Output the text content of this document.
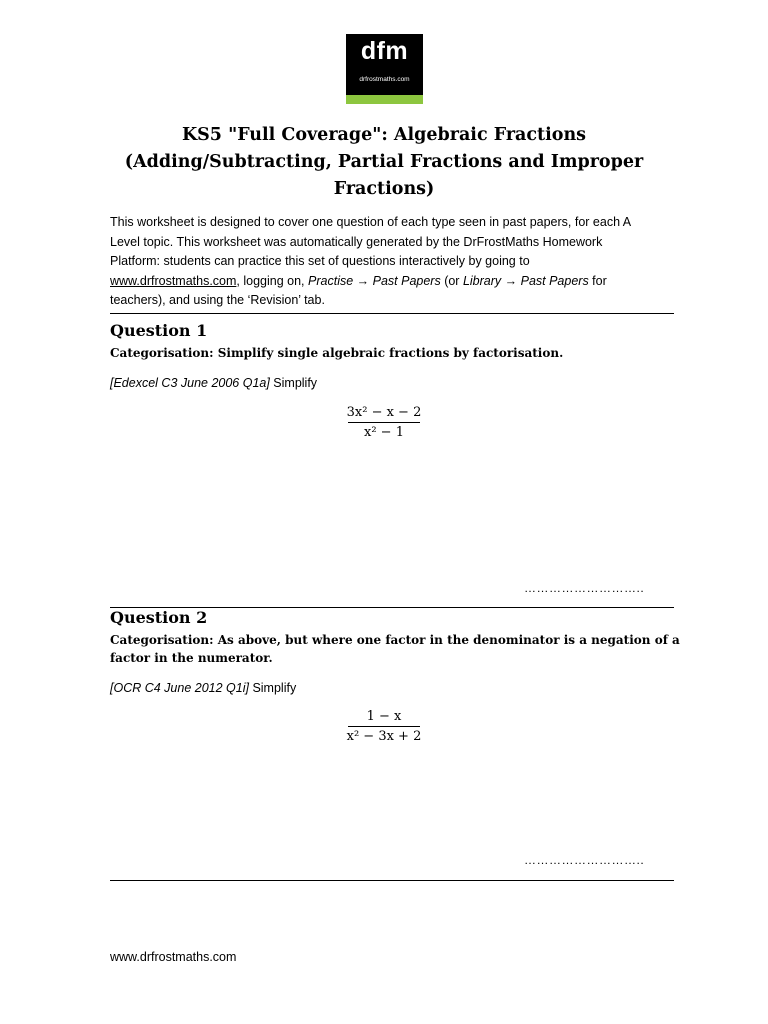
dfm
drfrostmaths.com
KS5 "Full Coverage": Algebraic Fractions
(Adding/Subtracting, Partial Fractions and Improper
Fractions)
This worksheet is designed to cover one question of each type seen in past papers, for each A
Level topic. This worksheet was automatically generated by the DrFrostMaths Homework
Platform: students can practice this set of questions interactively by going to
www.drfrostmaths.com, logging on, Practise → Past Papers (or Library → Past Papers for
teachers), and using the ‘Revision’ tab.
Question 1
Categorisation: Simplify single algebraic fractions by factorisation.
[Edexcel C3 June 2006 Q1a] Simplify
3x² − x − 2
x² − 1
………………………..
Question 2
Categorisation: As above, but where one factor in the denominator is a negation of a
factor in the numerator.
[OCR C4 June 2012 Q1i] Simplify
1 − x
x² − 3x + 2
………………………..
www.drfrostmaths.com
